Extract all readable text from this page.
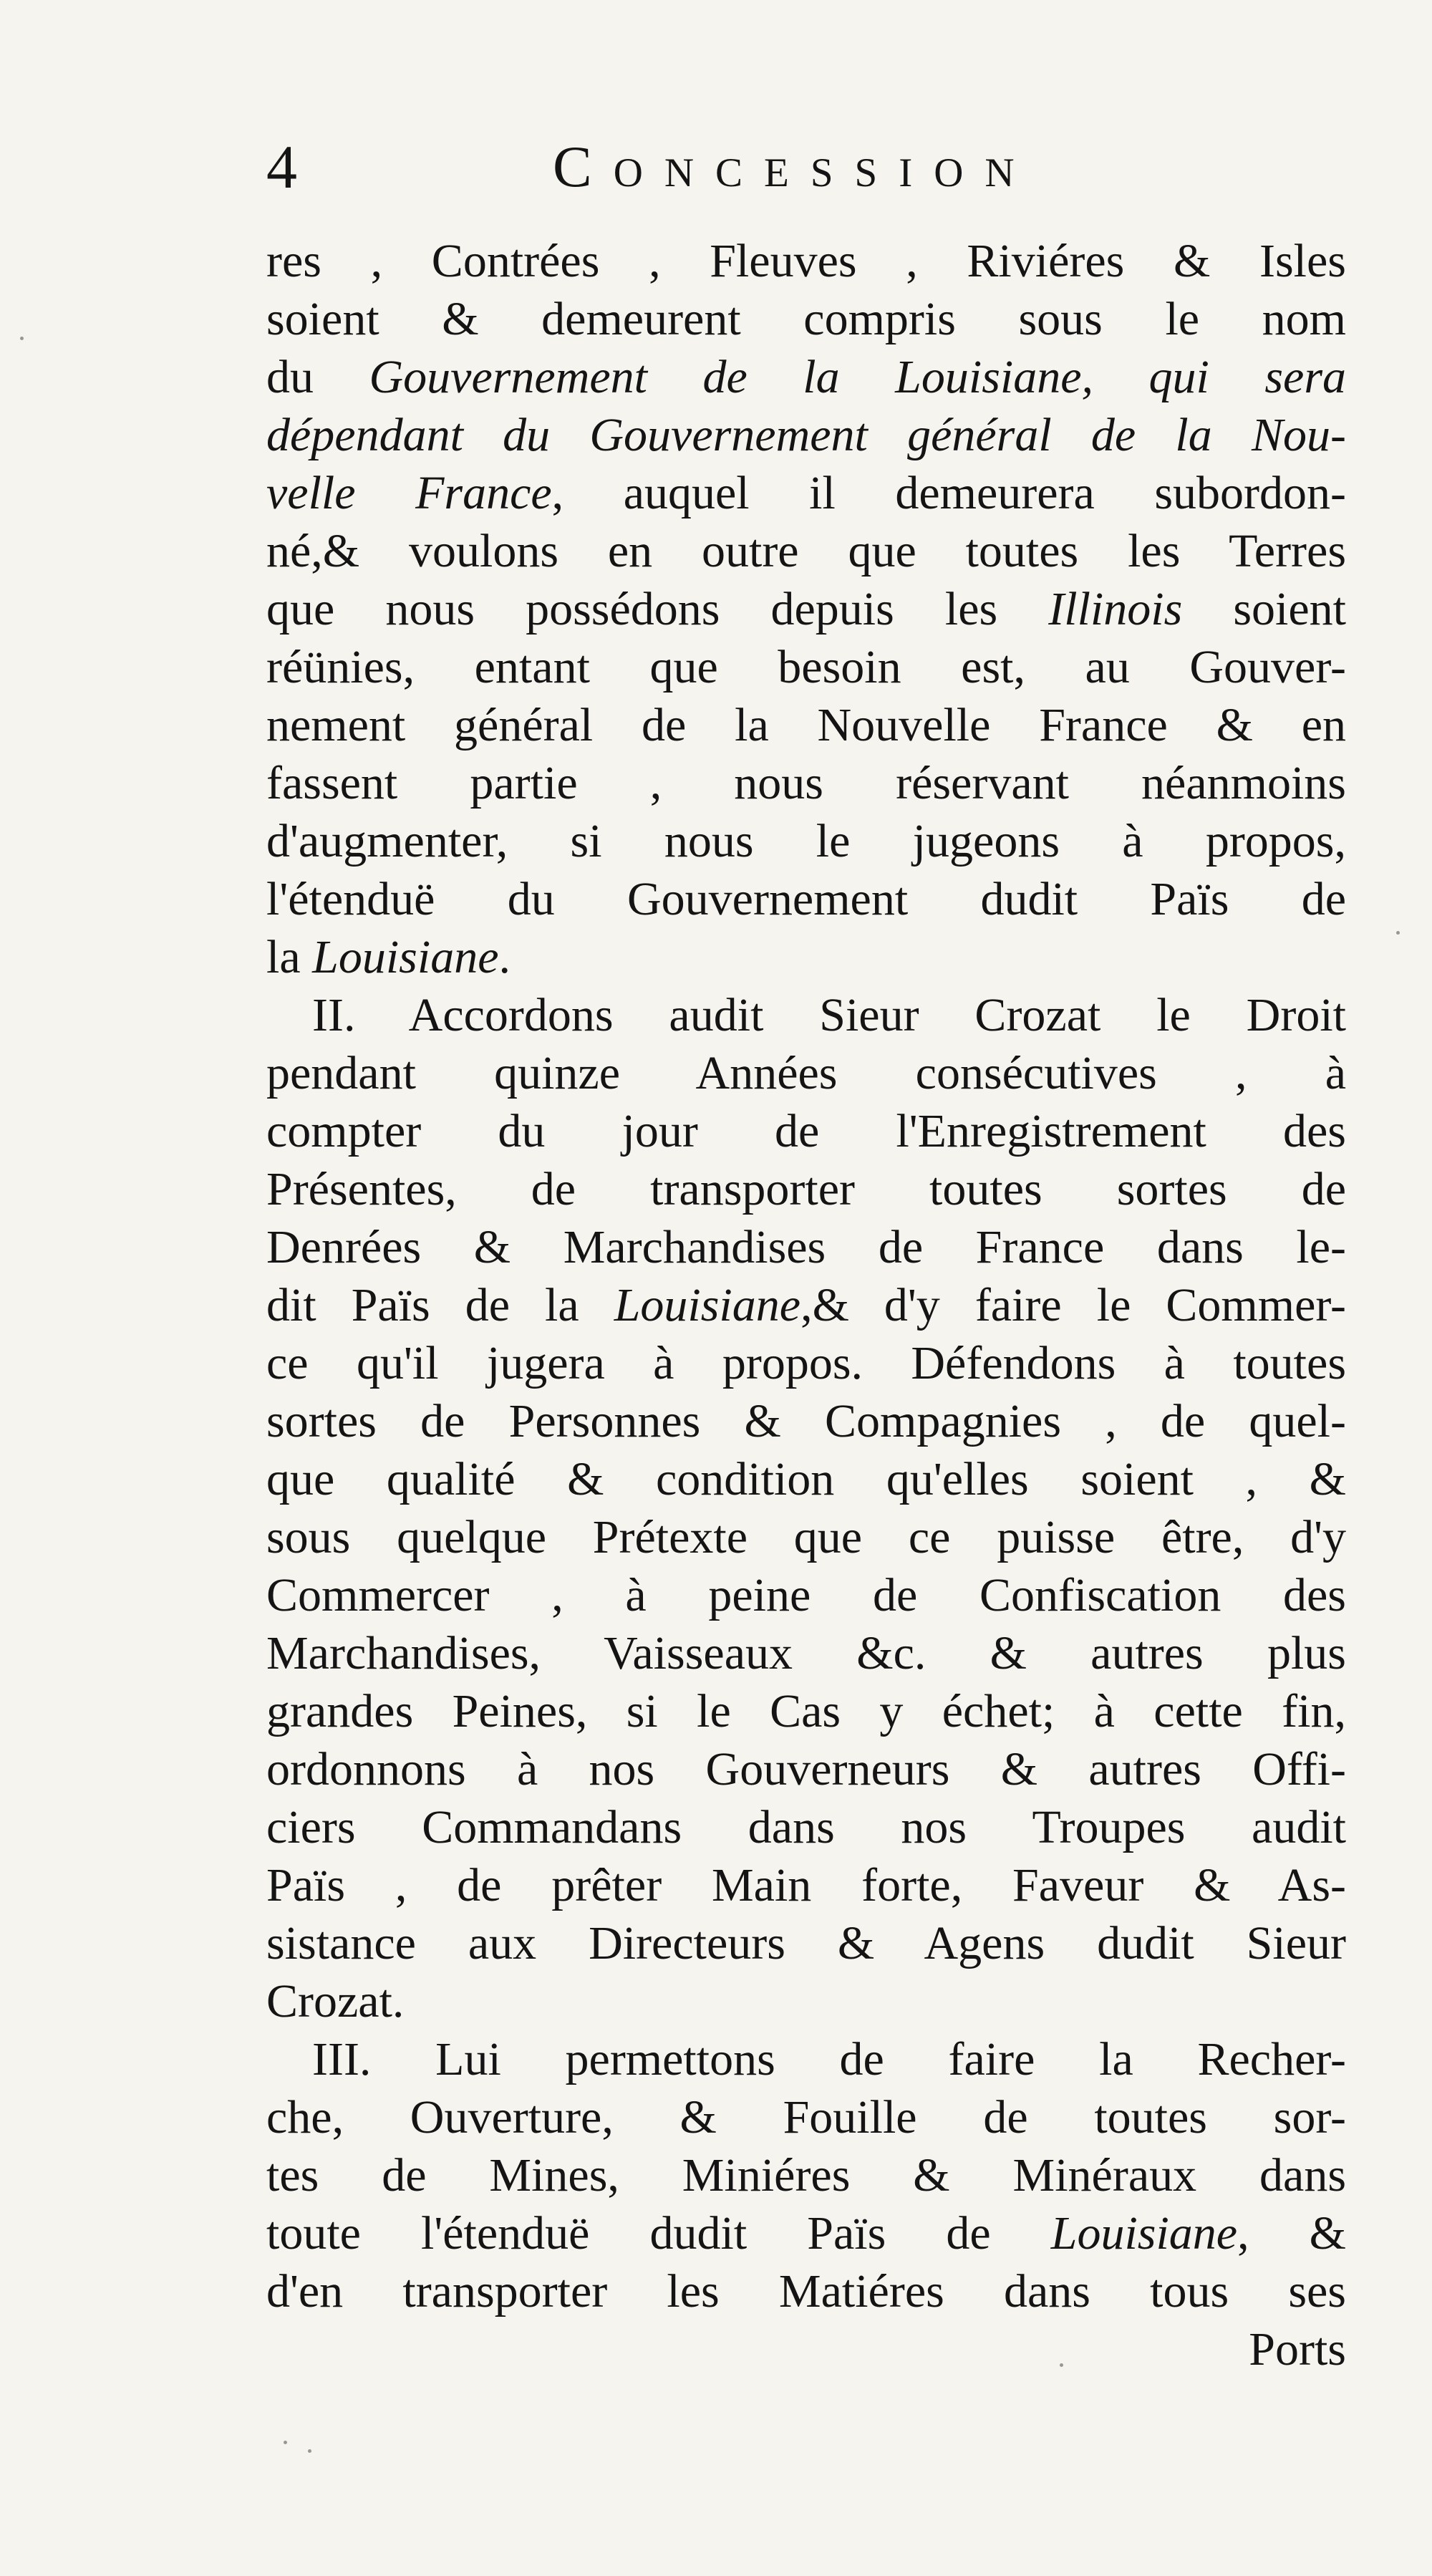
4	Concession
res , Contrées , Fleuves , Riviéres & Isles
soient & demeurent compris sous le nom
du Gouvernement de la Louisiane, qui sera
dépendant du Gouvernement général de la Nou-
velle France, auquel il demeurera subordon-
né,& voulons en outre que toutes les Terres
que nous possédons depuis les Illinois soient
réünies, entant que besoin est, au Gouver-
nement général de la Nouvelle France & en
fassent partie , nous réservant néanmoins
d'augmenter, si nous le jugeons à propos,
l'étenduë du Gouvernement dudit Païs de
la Louisiane.
II. Accordons audit Sieur Crozat le Droit
pendant quinze Années consécutives , à
compter du jour de l'Enregistrement des
Présentes, de transporter toutes sortes de
Denrées & Marchandises de France dans le-
dit Païs de la Louisiane,& d'y faire le Commer-
ce qu'il jugera à propos. Défendons à toutes
sortes de Personnes & Compagnies , de quel-
que qualité & condition qu'elles soient , &
sous quelque Prétexte que ce puisse être, d'y
Commercer , à peine de Confiscation des
Marchandises, Vaisseaux &c. & autres plus
grandes Peines, si le Cas y échet; à cette fin,
ordonnons à nos Gouverneurs & autres Offi-
ciers Commandans dans nos Troupes audit
Païs , de prêter Main forte, Faveur & As-
sistance aux Directeurs & Agens dudit Sieur
Crozat.
III. Lui permettons de faire la Recher-
che, Ouverture, & Fouille de toutes sor-
tes de Mines, Miniéres & Minéraux dans
toute l'étenduë dudit Païs de Louisiane, &
d'en transporter les Matiéres dans tous ses
Ports
